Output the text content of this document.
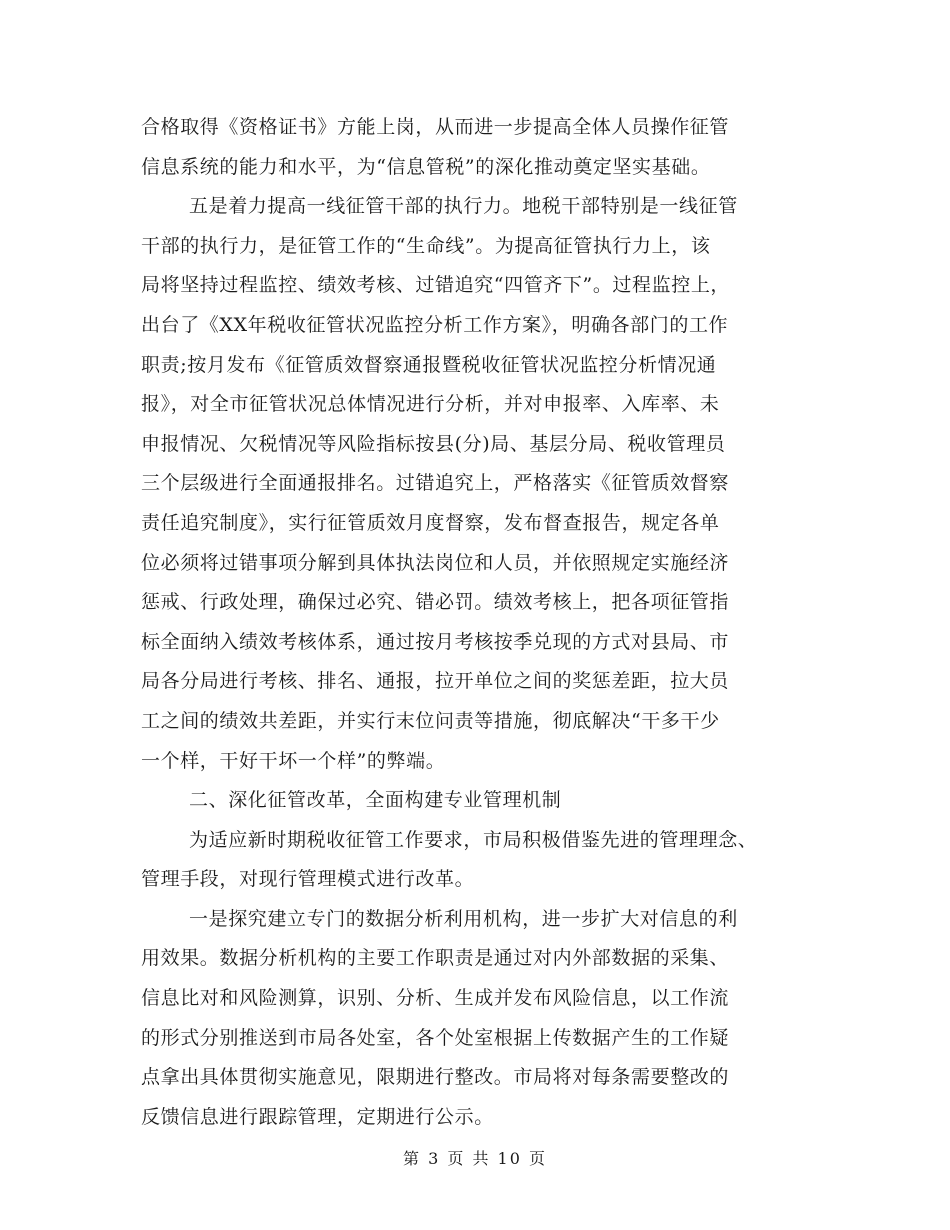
合格取得《资格证书》方能上岗，从而进一步提高全体人员操作征管
信息系统的能力和水平，为“信息管税”的深化推动奠定坚实基础。
五是着力提高一线征管干部的执行力。地税干部特别是一线征管
干部的执行力，是征管工作的“生命线”。为提高征管执行力上，该
局将坚持过程监控、绩效考核、过错追究“四管齐下”。过程监控上，
出台了《XX年税收征管状况监控分析工作方案》，明确各部门的工作
职责;按月发布《征管质效督察通报暨税收征管状况监控分析情况通
报》，对全市征管状况总体情况进行分析，并对申报率、入库率、未
申报情况、欠税情况等风险指标按县(分)局、基层分局、税收管理员
三个层级进行全面通报排名。过错追究上，严格落实《征管质效督察
责任追究制度》，实行征管质效月度督察，发布督查报告，规定各单
位必须将过错事项分解到具体执法岗位和人员，并依照规定实施经济
惩戒、行政处理，确保过必究、错必罚。绩效考核上，把各项征管指
标全面纳入绩效考核体系，通过按月考核按季兑现的方式对县局、市
局各分局进行考核、排名、通报，拉开单位之间的奖惩差距，拉大员
工之间的绩效共差距，并实行末位问责等措施，彻底解决“干多干少
一个样，干好干坏一个样”的弊端。
二、深化征管改革，全面构建专业管理机制
为适应新时期税收征管工作要求，市局积极借鉴先进的管理理念、
管理手段，对现行管理模式进行改革。
一是探究建立专门的数据分析利用机构，进一步扩大对信息的利
用效果。数据分析机构的主要工作职责是通过对内外部数据的采集、
信息比对和风险测算，识别、分析、生成并发布风险信息，以工作流
的形式分别推送到市局各处室，各个处室根据上传数据产生的工作疑
点拿出具体贯彻实施意见，限期进行整改。市局将对每条需要整改的
反馈信息进行跟踪管理，定期进行公示。
第 3 页 共 10 页
